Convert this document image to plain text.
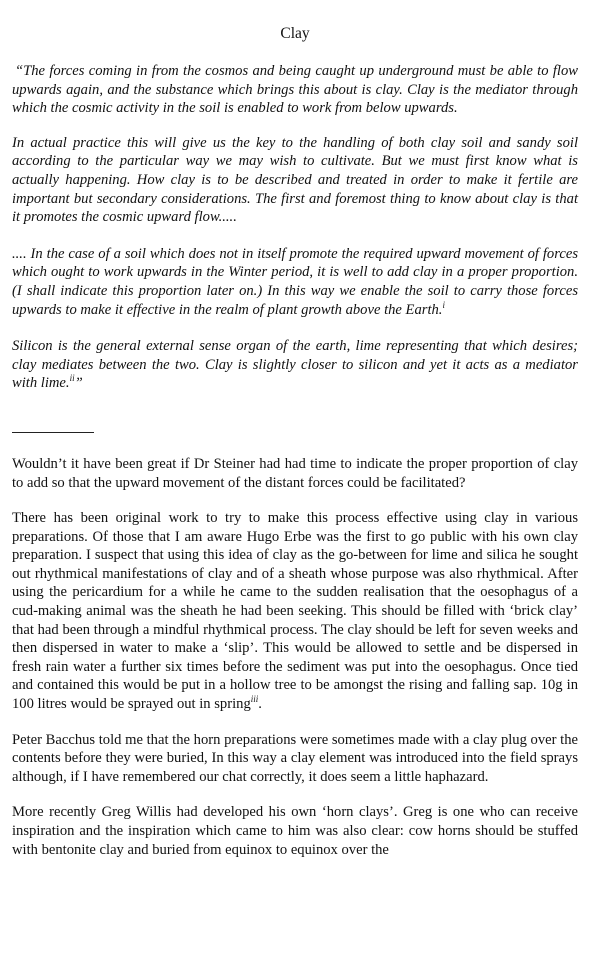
Clay

“The forces coming in from the cosmos and being caught up underground must be able to flow upwards again, and the substance which brings this about is clay. Clay is the mediator through which the cosmic activity in the soil is enabled to work from below upwards.

In actual practice this will give us the key to the handling of both clay soil and sandy soil according to the particular way we may wish to cultivate. But we must first know what is actually happening. How clay is to be described and treated in order to make it fertile are important but secondary considerations. The first and foremost thing to know about clay is that it promotes the cosmic upward flow.....

.... In the case of a soil which does not in itself promote the required upward movement of forces which ought to work upwards in the Winter period, it is well to add clay in a proper proportion. (I shall indicate this proportion later on.) In this way we enable the soil to carry those forces upwards to make it effective in the realm of plant growth above the Earth.$^i$

Silicon is the general external sense organ of the earth, lime representing that which desires; clay mediates between the two. Clay is slightly closer to silicon and yet it acts as a mediator with lime.$^{ii}$”

Wouldn’t it have been great if Dr Steiner had had time to indicate the proper proportion of clay to add so that the upward movement of the distant forces could be facilitated?

There has been original work to try to make this process effective using clay in various preparations. Of those that I am aware Hugo Erbe was the first to go public with his own clay preparation. I suspect that using this idea of clay as the go-between for lime and silica he sought out rhythmical manifestations of clay and of a sheath whose purpose was also rhythmical. After using the pericardium for a while he came to the sudden realisation that the oesophagus of a cud-making animal was the sheath he had been seeking. This should be filled with ‘brick clay’ that had been through a mindful rhythmical process. The clay should be left for seven weeks and then dispersed in water to make a ‘slip’. This would be allowed to settle and be dispersed in fresh rain water a further six times before the sediment was put into the oesophagus. Once tied and contained this would be put in a hollow tree to be amongst the rising and falling sap. 10g in 100 litres would be sprayed out in spring$^{iii}$.

Peter Bacchus told me that the horn preparations were sometimes made with a clay plug over the contents before they were buried, In this way a clay element was introduced into the field sprays although, if I have remembered our chat correctly, it does seem a little haphazard.

More recently Greg Willis had developed his own ‘horn clays’. Greg is one who can receive inspiration and the inspiration which came to him was also clear: cow horns should be stuffed with bentonite clay and buried from equinox to equinox over the
